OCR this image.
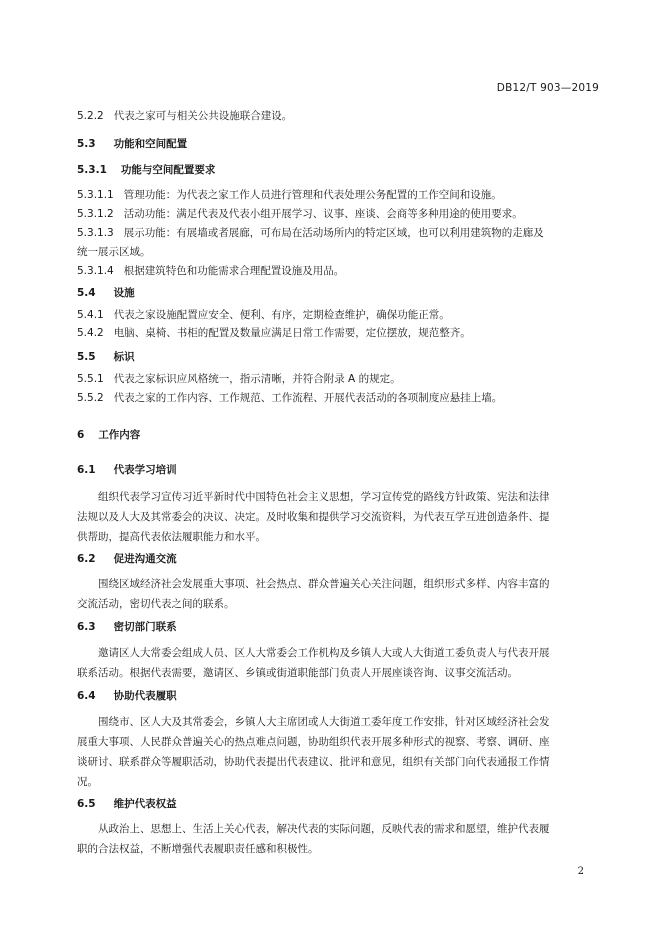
DB12/T 903—2019
5.2.2 代表之家可与相关公共设施联合建设。
5.3 功能和空间配置
5.3.1 功能与空间配置要求
5.3.1.1 管理功能：为代表之家工作人员进行管理和代表处理公务配置的工作空间和设施。
5.3.1.2 活动功能：满足代表及代表小组开展学习、议事、座谈、会商等多种用途的使用要求。
5.3.1.3 展示功能：有展墙或者展廊，可布局在活动场所内的特定区域，也可以利用建筑物的走廊及
统一展示区域。
5.3.1.4 根据建筑特色和功能需求合理配置设施及用品。
5.4 设施
5.4.1 代表之家设施配置应安全、便利、有序，定期检查维护，确保功能正常。
5.4.2 电脑、桌椅、书柜的配置及数量应满足日常工作需要，定位摆放，规范整齐。
5.5 标识
5.5.1 代表之家标识应风格统一，指示清晰，并符合附录 A 的规定。
5.5.2 代表之家的工作内容、工作规范、工作流程、开展代表活动的各项制度应悬挂上墙。
6 工作内容
6.1 代表学习培训
组织代表学习宣传习近平新时代中国特色社会主义思想，学习宣传党的路线方针政策、宪法和法律
法规以及人大及其常委会的决议、决定。及时收集和提供学习交流资料，为代表互学互进创造条件、提
供帮助，提高代表依法履职能力和水平。
6.2 促进沟通交流
围绕区域经济社会发展重大事项、社会热点、群众普遍关心关注问题，组织形式多样、内容丰富的
交流活动，密切代表之间的联系。
6.3 密切部门联系
邀请区人大常委会组成人员、区人大常委会工作机构及乡镇人大或人大街道工委负责人与代表开展
联系活动。根据代表需要，邀请区、乡镇或街道职能部门负责人开展座谈咨询、议事交流活动。
6.4 协助代表履职
围绕市、区人大及其常委会，乡镇人大主席团或人大街道工委年度工作安排，针对区域经济社会发
展重大事项、人民群众普遍关心的热点难点问题，协助组织代表开展多种形式的视察、考察、调研、座
谈研讨、联系群众等履职活动，协助代表提出代表建议、批评和意见，组织有关部门向代表通报工作情
况。
6.5 维护代表权益
从政治上、思想上、生活上关心代表，解决代表的实际问题，反映代表的需求和愿望，维护代表履
职的合法权益，不断增强代表履职责任感和积极性。
2
